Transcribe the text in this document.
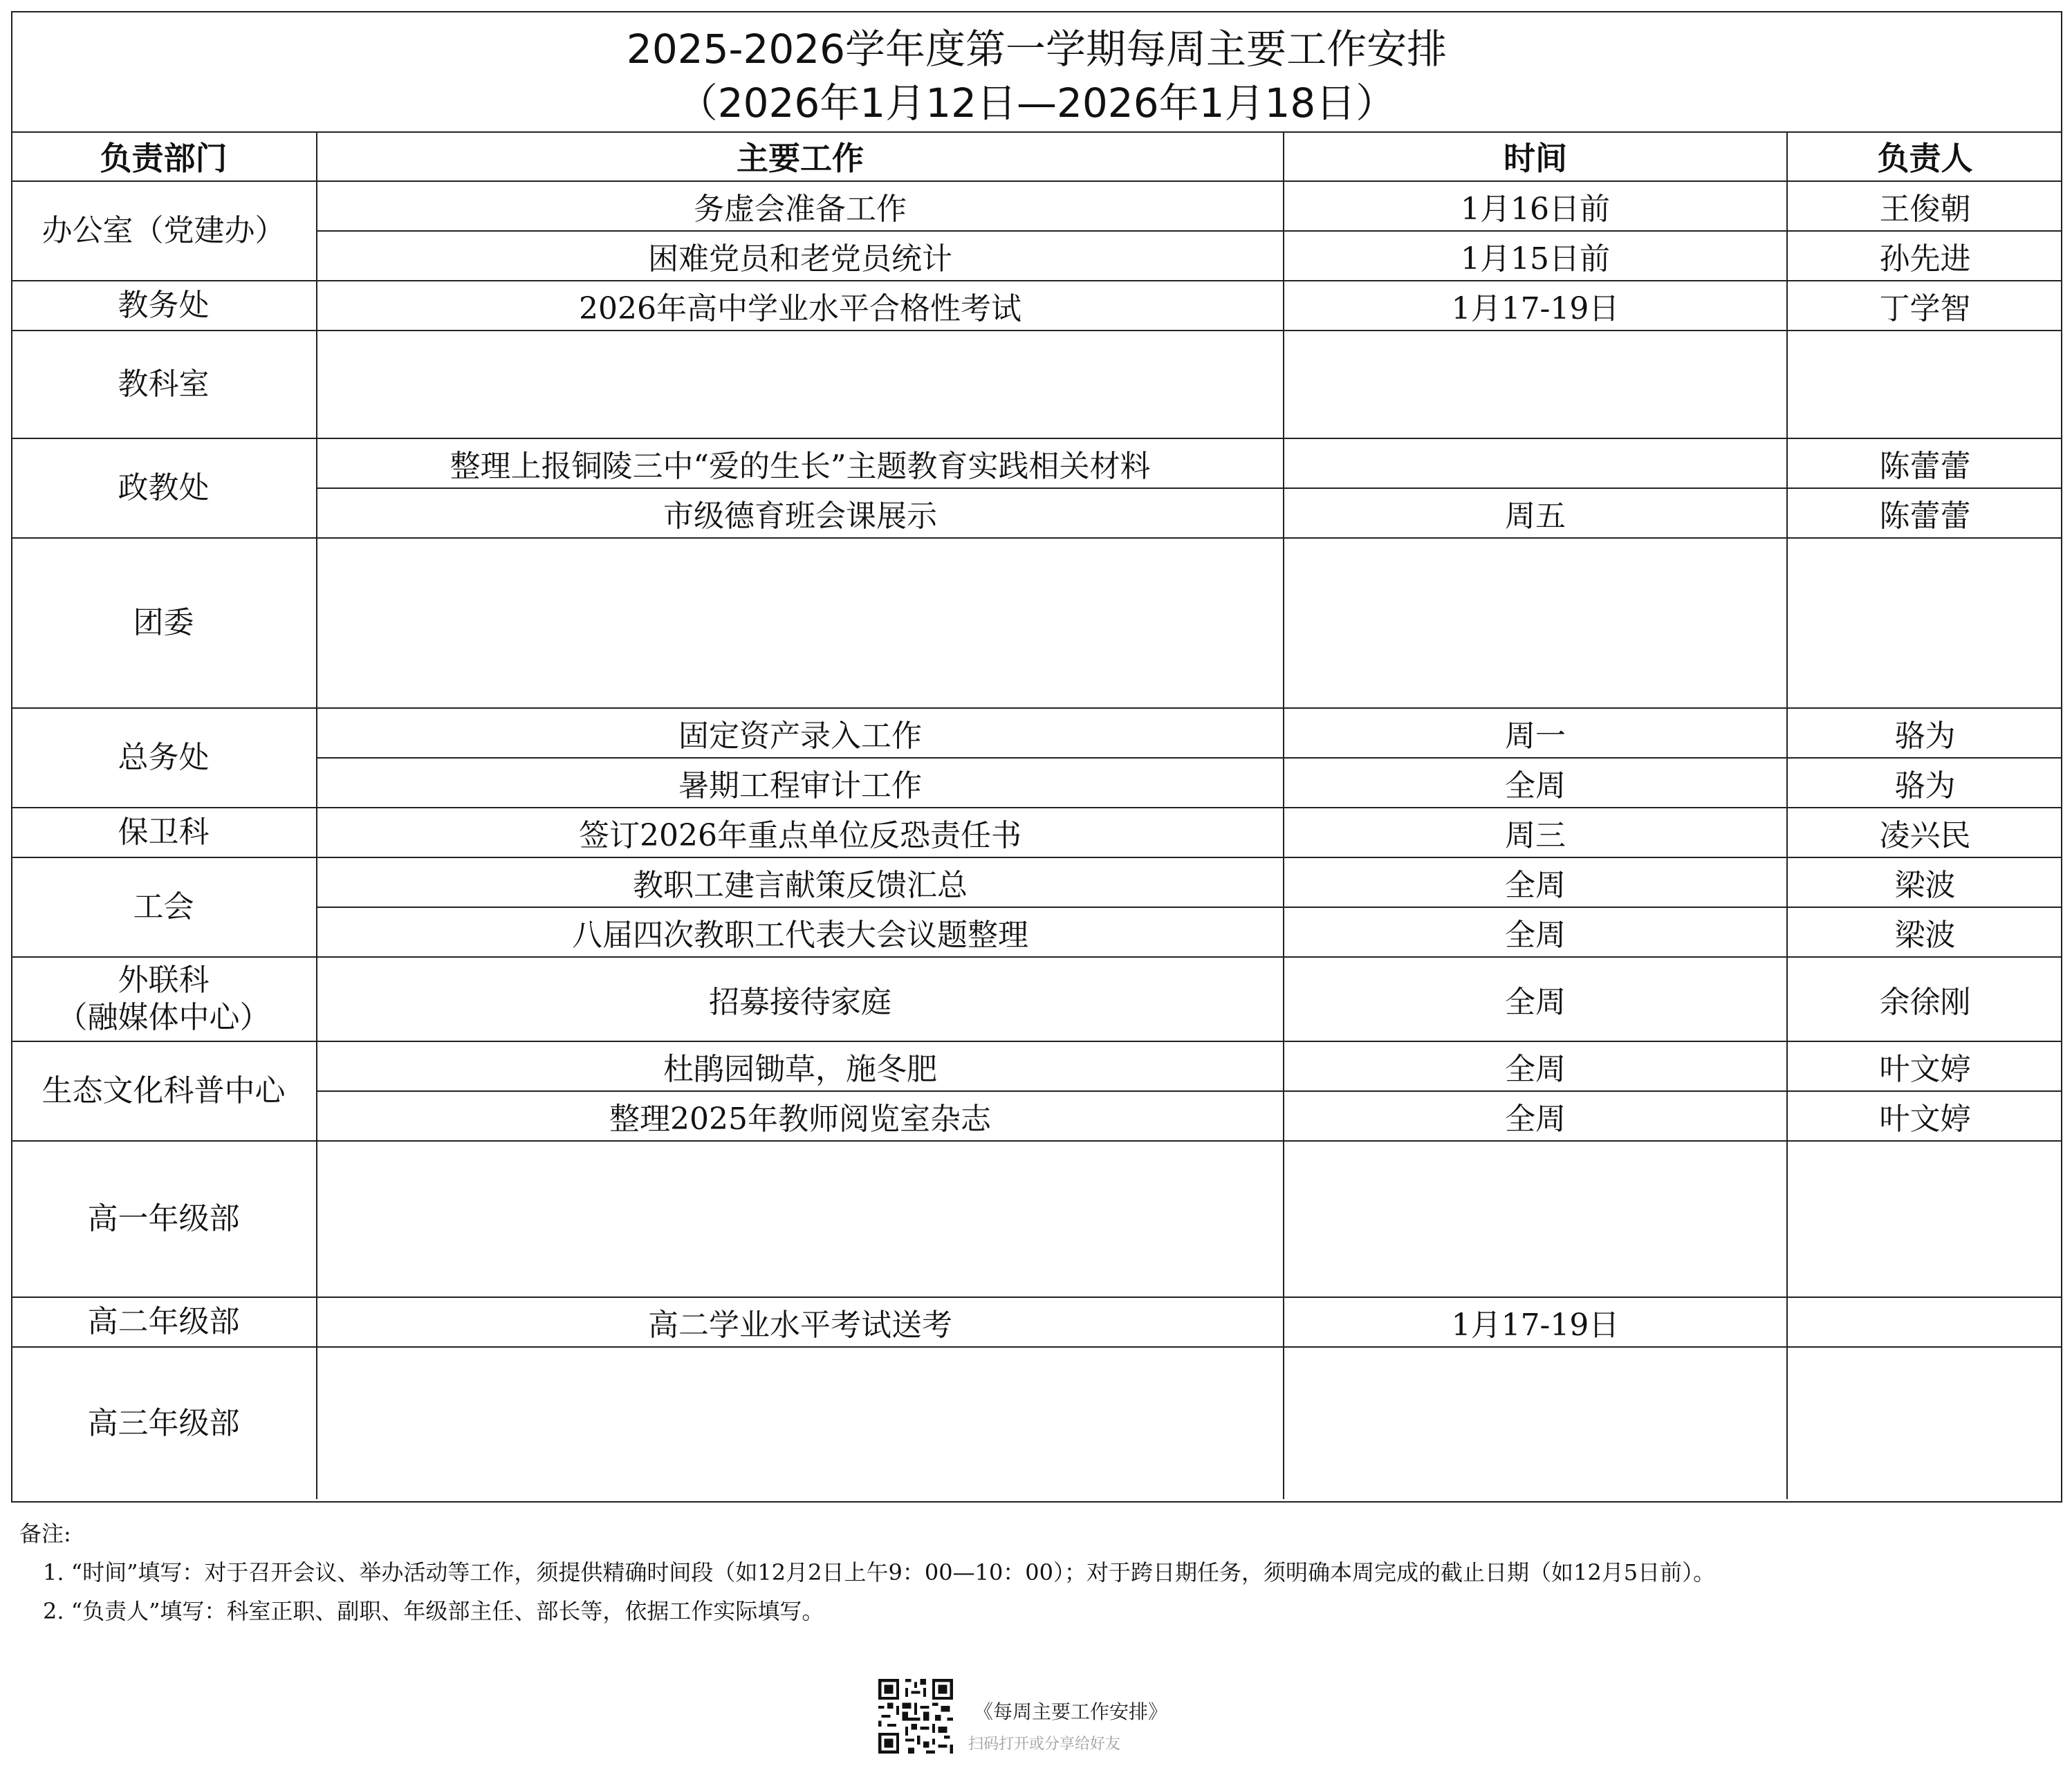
2025-2026学年度第一学期每周主要工作安排
（2026年1月12日—2026年1月18日）
负责部门	主要工作	时间	负责人
办公室（党建办）	务虚会准备工作	1月16日前	王俊朝
	困难党员和老党员统计	1月15日前	孙先进
教务处	2026年高中学业水平合格性考试	1月17-19日	丁学智
教科室			
政教处	整理上报铜陵三中“爱的生长”主题教育实践相关材料		陈蕾蕾
	市级德育班会课展示	周五	陈蕾蕾
团委			
总务处	固定资产录入工作	周一	骆为
	暑期工程审计工作	全周	骆为
保卫科	签订2026年重点单位反恐责任书	周三	凌兴民
工会	教职工建言献策反馈汇总	全周	梁波
	八届四次教职工代表大会议题整理	全周	梁波

外联科
（融媒体中心）	招募接待家庭	全周	余徐刚
生态文化科普中心	杜鹃园锄草，施冬肥	全周	叶文婷
	整理2025年教师阅览室杂志	全周	叶文婷
高一年级部			
高二年级部	高二学业水平考试送考	1月17-19日	
高三年级部			
备注:
1. “时间”填写：对于召开会议、举办活动等工作，须提供精确时间段（如12月2日上午9：00—10：00）；对于跨日期任务，须明确本周完成的截止日期（如12月5日前）。
2. “负责人”填写：科室正职、副职、年级部主任、部长等，依据工作实际填写。
《每周主要工作安排》
扫码打开或分享给好友
